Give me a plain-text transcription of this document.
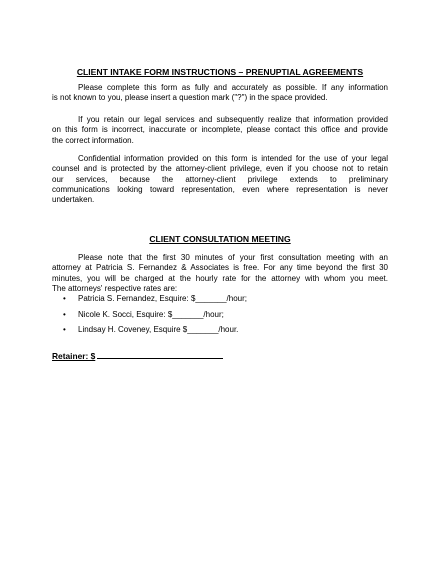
CLIENT INTAKE FORM INSTRUCTIONS – PRENUPTIAL AGREEMENTS
Please complete this form as fully and accurately as possible. If any information
is not known to you, please insert a question mark ("?") in the space provided.
If you retain our legal services and subsequently realize that information provided
on this form is incorrect, inaccurate or incomplete, please contact this office and provide
the correct information.
Confidential information provided on this form is intended for the use of your legal
counsel and is protected by the attorney-client privilege, even if you choose not to retain
our services, because the attorney-client privilege extends to preliminary
communications looking toward representation, even where representation is never
undertaken.
CLIENT CONSULTATION MEETING
Please note that the first 30 minutes of your first consultation meeting with an
attorney at Patricia S. Fernandez & Associates is free. For any time beyond the first 30
minutes, you will be charged at the hourly rate for the attorney with whom you meet.
The attorneys' respective rates are:
• Patricia S. Fernandez, Esquire: $_______/hour;
• Nicole K. Socci, Esquire: $_______/hour;
• Lindsay H. Coveney, Esquire $_______/hour.
Retainer: $
